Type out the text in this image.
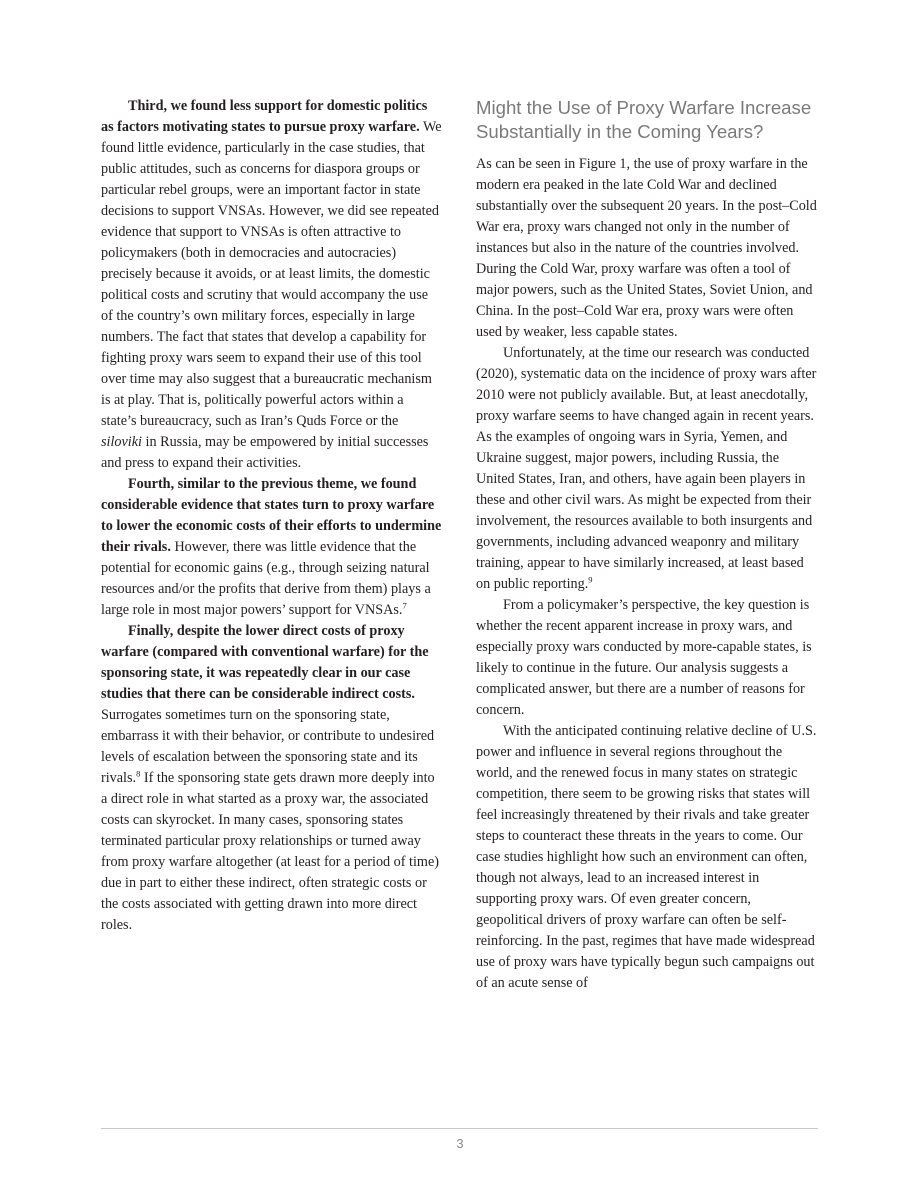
Third, we found less support for domestic politics as factors motivating states to pursue proxy warfare. We found little evidence, particularly in the case studies, that public attitudes, such as concerns for diaspora groups or particular rebel groups, were an important factor in state decisions to support VNSAs. However, we did see repeated evidence that support to VNSAs is often attractive to policymakers (both in democracies and autocracies) precisely because it avoids, or at least limits, the domestic political costs and scrutiny that would accompany the use of the country’s own military forces, especially in large numbers. The fact that states that develop a capability for fighting proxy wars seem to expand their use of this tool over time may also suggest that a bureaucratic mechanism is at play. That is, politically powerful actors within a state’s bureaucracy, such as Iran’s Quds Force or the siloviki in Russia, may be empowered by initial successes and press to expand their activities.

Fourth, similar to the previous theme, we found considerable evidence that states turn to proxy warfare to lower the economic costs of their efforts to undermine their rivals. However, there was little evidence that the potential for economic gains (e.g., through seizing natural resources and/or the profits that derive from them) plays a large role in most major powers’ support for VNSAs.$^7$

Finally, despite the lower direct costs of proxy warfare (compared with conventional warfare) for the sponsoring state, it was repeatedly clear in our case studies that there can be considerable indirect costs. Surrogates sometimes turn on the sponsoring state, embarrass it with their behavior, or contribute to undesired levels of escalation between the sponsoring state and its rivals.$^8$ If the sponsoring state gets drawn more deeply into a direct role in what started as a proxy war, the associated costs can skyrocket. In many cases, sponsoring states terminated particular proxy relationships or turned away from proxy warfare altogether (at least for a period of time) due in part to either these indirect, often strategic costs or the costs associated with getting drawn into more direct roles.

Might the Use of Proxy Warfare Increase Substantially in the Coming Years?

As can be seen in Figure 1, the use of proxy warfare in the modern era peaked in the late Cold War and declined substantially over the subsequent 20 years. In the post–Cold War era, proxy wars changed not only in the number of instances but also in the nature of the countries involved. During the Cold War, proxy warfare was often a tool of major powers, such as the United States, Soviet Union, and China. In the post–Cold War era, proxy wars were often used by weaker, less capable states.

Unfortunately, at the time our research was conducted (2020), systematic data on the incidence of proxy wars after 2010 were not publicly available. But, at least anecdotally, proxy warfare seems to have changed again in recent years. As the examples of ongoing wars in Syria, Yemen, and Ukraine suggest, major powers, including Russia, the United States, Iran, and others, have again been players in these and other civil wars. As might be expected from their involvement, the resources available to both insurgents and governments, including advanced weaponry and military training, appear to have similarly increased, at least based on public reporting.$^9$

From a policymaker’s perspective, the key question is whether the recent apparent increase in proxy wars, and especially proxy wars conducted by more-capable states, is likely to continue in the future. Our analysis suggests a complicated answer, but there are a number of reasons for concern.

With the anticipated continuing relative decline of U.S. power and influence in several regions throughout the world, and the renewed focus in many states on strategic competition, there seem to be growing risks that states will feel increasingly threatened by their rivals and take greater steps to counteract these threats in the years to come. Our case studies highlight how such an environment can often, though not always, lead to an increased interest in supporting proxy wars. Of even greater concern, geopolitical drivers of proxy warfare can often be self-reinforcing. In the past, regimes that have made widespread use of proxy wars have typically begun such campaigns out of an acute sense of

3
